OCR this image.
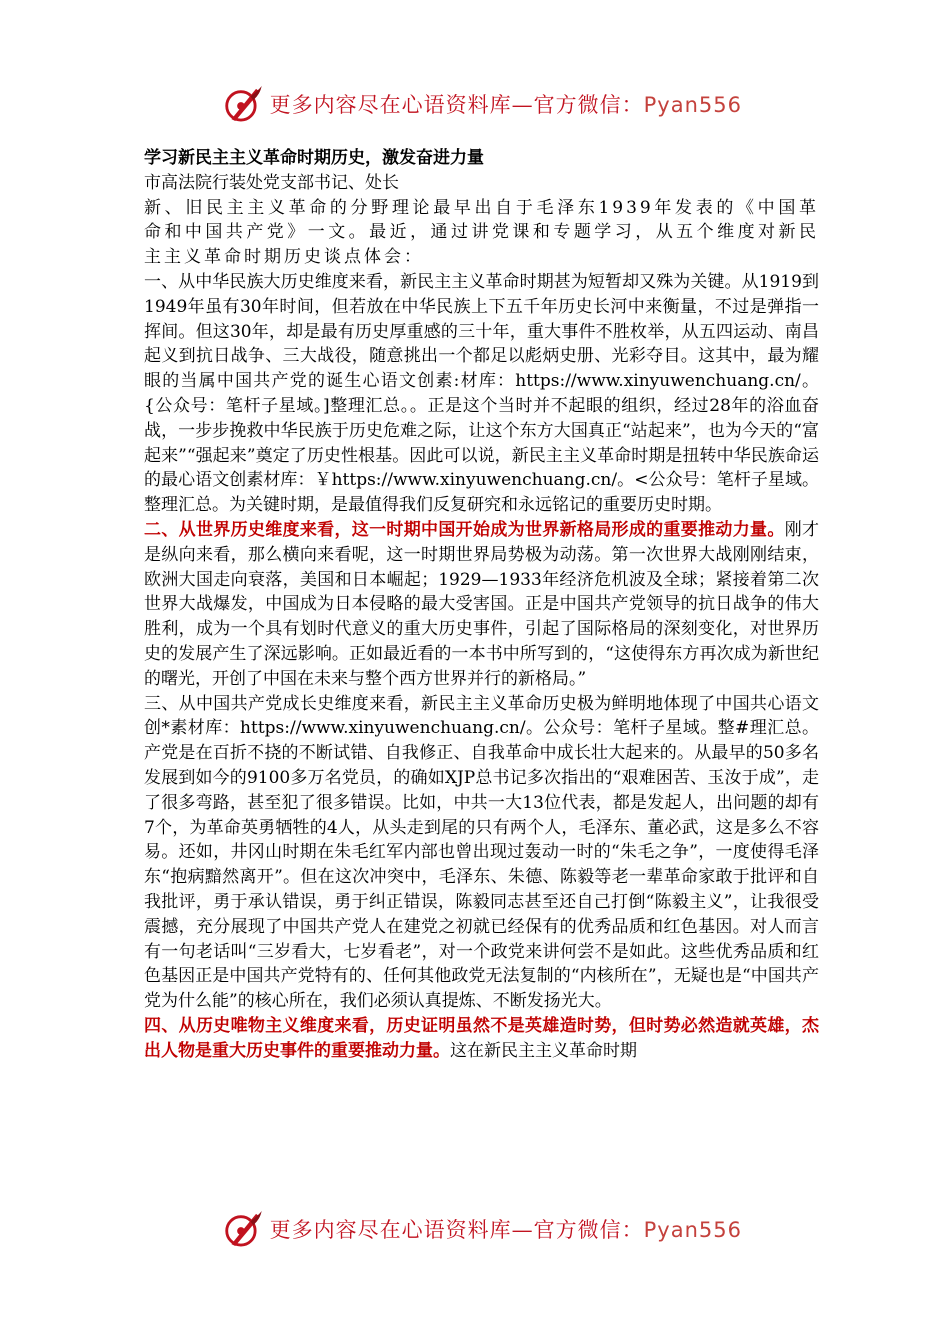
更多内容尽在心语资料库—官方微信：Pyan556

学习新民主主义革命时期历史，激发奋进力量

市高法院行装处党支部书记、处长

新、旧民主主义革命的分野理论最早出自于毛泽东1939年发表的《中国革命和中国共产党》一文。最近，通过讲党课和专题学习，从五个维度对新民主主义革命时期历史谈点体会：

一、从中华民族大历史维度来看，新民主主义革命时期甚为短暂却又殊为关键。从1919到1949年虽有30年时间，但若放在中华民族上下五千年历史长河中来衡量，不过是弹指一挥间。但这30年，却是最有历史厚重感的三十年，重大事件不胜枚举，从五四运动、南昌起义到抗日战争、三大战役，随意挑出一个都足以彪炳史册、光彩夺目。这其中，最为耀眼的当属中国共产党的诞生心语文创素:材库：https://www.xinyuwenchuang.cn/。{公众号：笔杆子星域。]整理汇总。。正是这个当时并不起眼的组织，经过28年的浴血奋战，一步步挽救中华民族于历史危难之际，让这个东方大国真正“站起来”，也为今天的“富起来”“强起来”奠定了历史性根基。因此可以说，新民主主义革命时期是扭转中华民族命运的最心语文创素材库：￥https://www.xinyuwenchuang.cn/。<公众号：笔杆子星域。整理汇总。为关键时期，是最值得我们反复研究和永远铭记的重要历史时期。

二、从世界历史维度来看，这一时期中国开始成为世界新格局形成的重要推动力量。刚才是纵向来看，那么横向来看呢，这一时期世界局势极为动荡。第一次世界大战刚刚结束，欧洲大国走向衰落，美国和日本崛起；1929—1933年经济危机波及全球；紧接着第二次世界大战爆发，中国成为日本侵略的最大受害国。正是中国共产党领导的抗日战争的伟大胜利，成为一个具有划时代意义的重大历史事件，引起了国际格局的深刻变化，对世界历史的发展产生了深远影响。正如最近看的一本书中所写到的，“这使得东方再次成为新世纪的曙光，开创了中国在未来与整个西方世界并行的新格局。”

三、从中国共产党成长史维度来看，新民主主义革命历史极为鲜明地体现了中国共心语文创*素材库：https://www.xinyuwenchuang.cn/。公众号：笔杆子星域。整#理汇总。产党是在百折不挠的不断试错、自我修正、自我革命中成长壮大起来的。从最早的50多名发展到如今的9100多万名党员，的确如XJP总书记多次指出的“艰难困苦、玉汝于成”，走了很多弯路，甚至犯了很多错误。比如，中共一大13位代表，都是发起人，出问题的却有7个，为革命英勇牺牲的4人，从头走到尾的只有两个人，毛泽东、董必武，这是多么不容易。还如，井冈山时期在朱毛红军内部也曾出现过轰动一时的“朱毛之争”，一度使得毛泽东“抱病黯然离开”。但在这次冲突中，毛泽东、朱德、陈毅等老一辈革命家敢于批评和自我批评，勇于承认错误，勇于纠正错误，陈毅同志甚至还自己打倒“陈毅主义”，让我很受震撼，充分展现了中国共产党人在建党之初就已经保有的优秀品质和红色基因。对人而言有一句老话叫“三岁看大，七岁看老”，对一个政党来讲何尝不是如此。这些优秀品质和红色基因正是中国共产党特有的、任何其他政党无法复制的“内核所在”，无疑也是“中国共产党为什么能”的核心所在，我们必须认真提炼、不断发扬光大。

四、从历史唯物主义维度来看，历史证明虽然不是英雄造时势，但时势必然造就英雄，杰出人物是重大历史事件的重要推动力量。这在新民主主义革命时期

更多内容尽在心语资料库—官方微信：Pyan556
